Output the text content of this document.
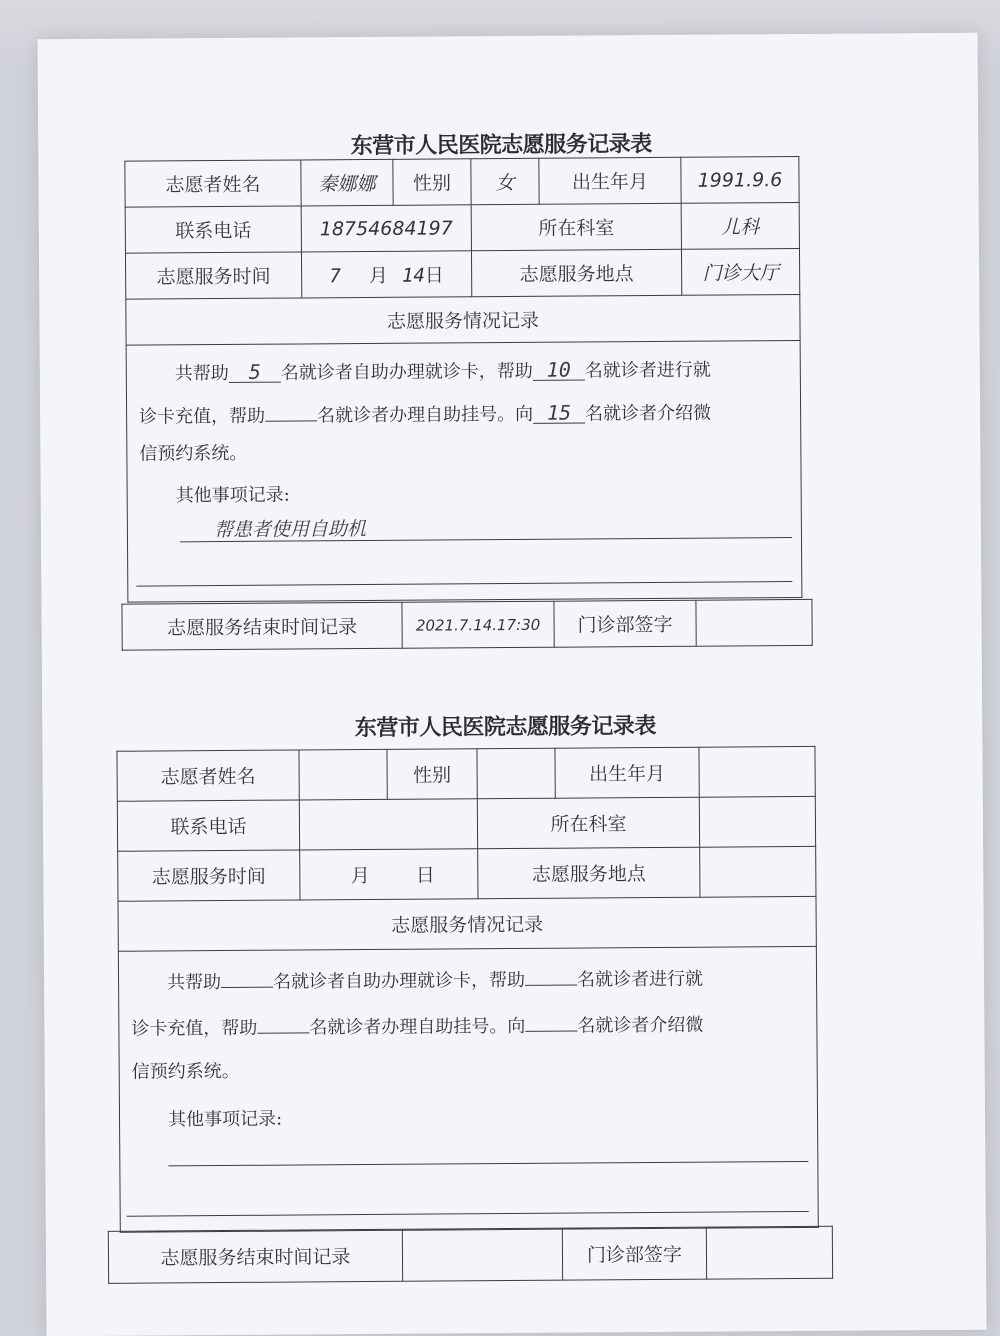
东营市人民医院志愿服务记录表
志愿者姓名	秦娜娜	性别	女	出生年月	1991.9.6
联系电话	18754684197		所在科室		儿科
志愿服务时间	7 月 14日		志愿服务地点		门诊大厅
志愿服务情况记录					

共帮助 5 名就诊者自助办理就诊卡，帮助 10 名就诊者进行就
诊卡充值，帮助 名就诊者办理自助挂号。向 15 名就诊者介绍微
信预约系统。
其他事项记录:
帮患者使用自助机					
志愿服务结束时间记录	2021.7.14.17:30	门诊部签字	
东营市人民医院志愿服务记录表
志愿者姓名		性别		出生年月	
联系电话			所在科室		
志愿服务时间	月 日		志愿服务地点		
志愿服务情况记录					

共帮助 名就诊者自助办理就诊卡，帮助 名就诊者进行就
诊卡充值，帮助 名就诊者办理自助挂号。向 名就诊者介绍微
信预约系统。
其他事项记录:					
志愿服务结束时间记录		门诊部签字	
